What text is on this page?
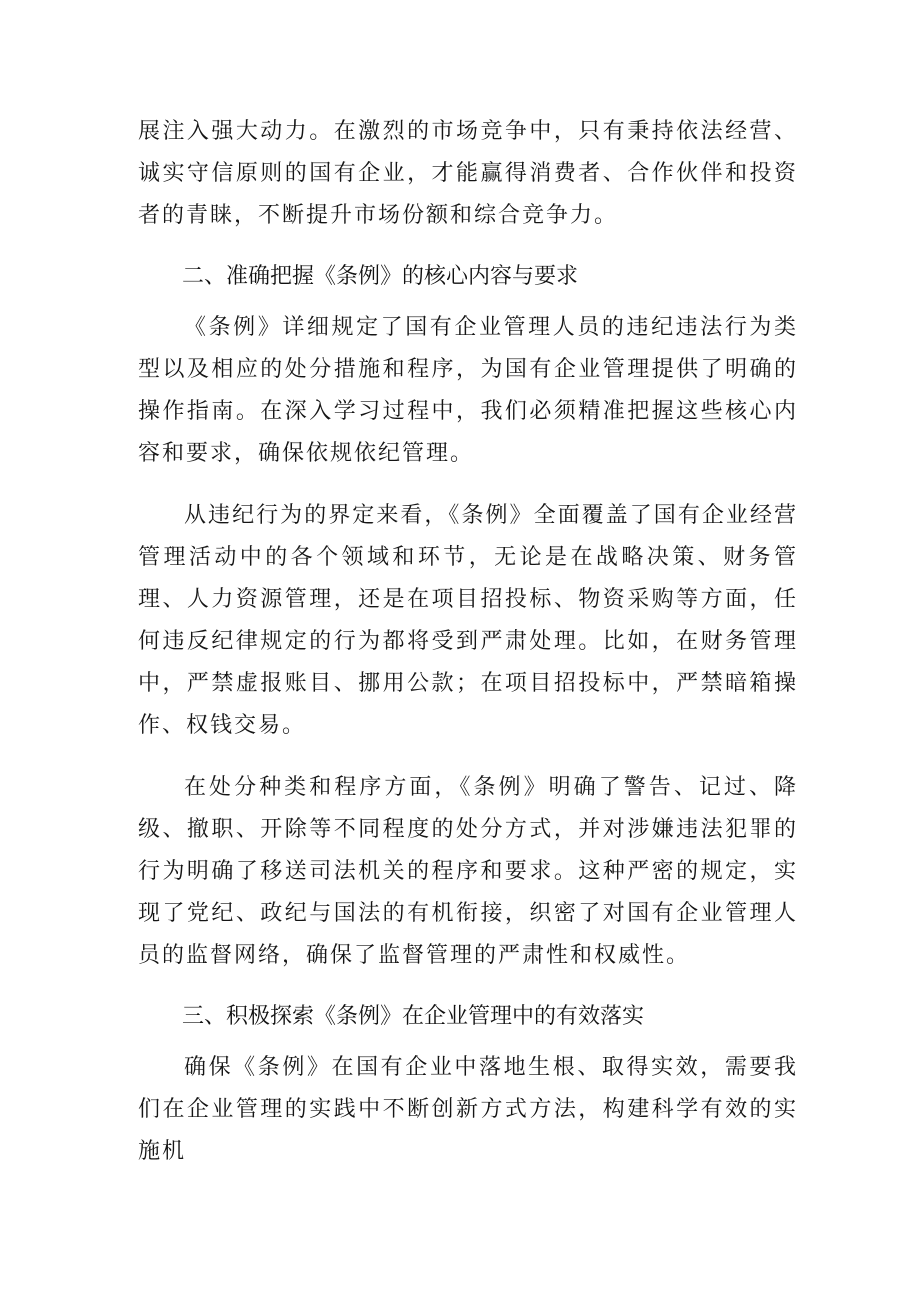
展注入强大动力。在激烈的市场竞争中，只有秉持依法经营、诚实守信原则的国有企业，才能赢得消费者、合作伙伴和投资者的青睐，不断提升市场份额和综合竞争力。

二、准确把握《条例》的核心内容与要求

《条例》详细规定了国有企业管理人员的违纪违法行为类型以及相应的处分措施和程序，为国有企业管理提供了明确的操作指南。在深入学习过程中，我们必须精准把握这些核心内容和要求，确保依规依纪管理。

从违纪行为的界定来看，《条例》全面覆盖了国有企业经营管理活动中的各个领域和环节，无论是在战略决策、财务管理、人力资源管理，还是在项目招投标、物资采购等方面，任何违反纪律规定的行为都将受到严肃处理。比如，在财务管理中，严禁虚报账目、挪用公款；在项目招投标中，严禁暗箱操作、权钱交易。

在处分种类和程序方面，《条例》明确了警告、记过、降级、撤职、开除等不同程度的处分方式，并对涉嫌违法犯罪的行为明确了移送司法机关的程序和要求。这种严密的规定，实现了党纪、政纪与国法的有机衔接，织密了对国有企业管理人员的监督网络，确保了监督管理的严肃性和权威性。

三、积极探索《条例》在企业管理中的有效落实

确保《条例》在国有企业中落地生根、取得实效，需要我们在企业管理的实践中不断创新方式方法，构建科学有效的实施机
